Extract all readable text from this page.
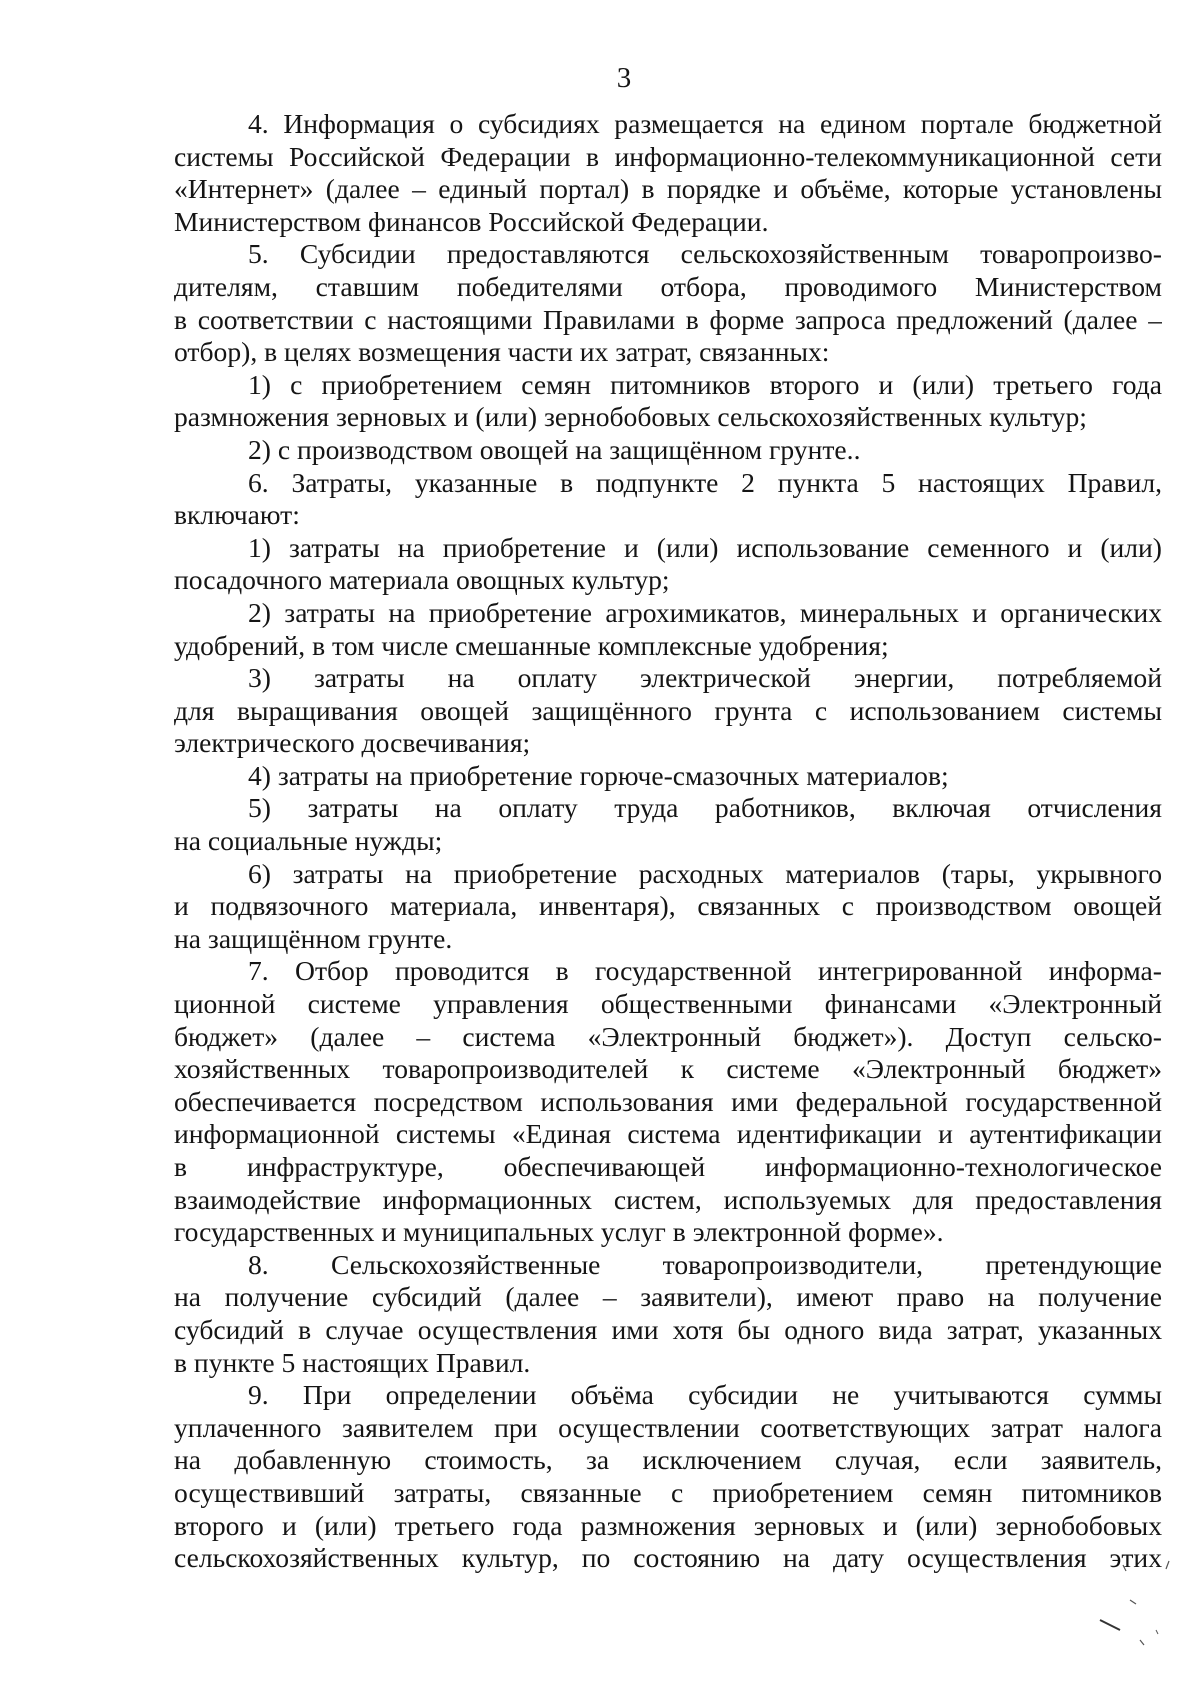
3
4. Информация о субсидиях размещается на едином портале бюджетной
системы Российской Федерации в информационно-телекоммуникационной сети
«Интернет» (далее – единый портал) в порядке и объёме, которые установлены
Министерством финансов Российской Федерации.
5. Субсидии предоставляются сельскохозяйственным товаропроизво-
дителям, ставшим победителями отбора, проводимого Министерством
в соответствии с настоящими Правилами в форме запроса предложений (далее –
отбор), в целях возмещения части их затрат, связанных:
1) с приобретением семян питомников второго и (или) третьего года
размножения зерновых и (или) зернобобовых сельскохозяйственных культур;
2) с производством овощей на защищённом грунте..
6. Затраты, указанные в подпункте 2 пункта 5 настоящих Правил,
включают:
1) затраты на приобретение и (или) использование семенного и (или)
посадочного материала овощных культур;
2) затраты на приобретение агрохимикатов, минеральных и органических
удобрений, в том числе смешанные комплексные удобрения;
3) затраты на оплату электрической энергии, потребляемой
для выращивания овощей защищённого грунта с использованием системы
электрического досвечивания;
4) затраты на приобретение горюче-смазочных материалов;
5) затраты на оплату труда работников, включая отчисления
на социальные нужды;
6) затраты на приобретение расходных материалов (тары, укрывного
и подвязочного материала, инвентаря), связанных с производством овощей
на защищённом грунте.
7. Отбор проводится в государственной интегрированной информа-
ционной системе управления общественными финансами «Электронный
бюджет» (далее – система «Электронный бюджет»). Доступ сельско-
хозяйственных товаропроизводителей к системе «Электронный бюджет»
обеспечивается посредством использования ими федеральной государственной
информационной системы «Единая система идентификации и аутентификации
в инфраструктуре, обеспечивающей информационно-технологическое
взаимодействие информационных систем, используемых для предоставления
государственных и муниципальных услуг в электронной форме».
8. Сельскохозяйственные товаропроизводители, претендующие
на получение субсидий (далее – заявители), имеют право на получение
субсидий в случае осуществления ими хотя бы одного вида затрат, указанных
в пункте 5 настоящих Правил.
9. При определении объёма субсидии не учитываются суммы
уплаченного заявителем при осуществлении соответствующих затрат налога
на добавленную стоимость, за исключением случая, если заявитель,
осуществивший затраты, связанные с приобретением семян питомников
второго и (или) третьего года размножения зерновых и (или) зернобобовых
сельскохозяйственных культур, по состоянию на дату осуществления этих
